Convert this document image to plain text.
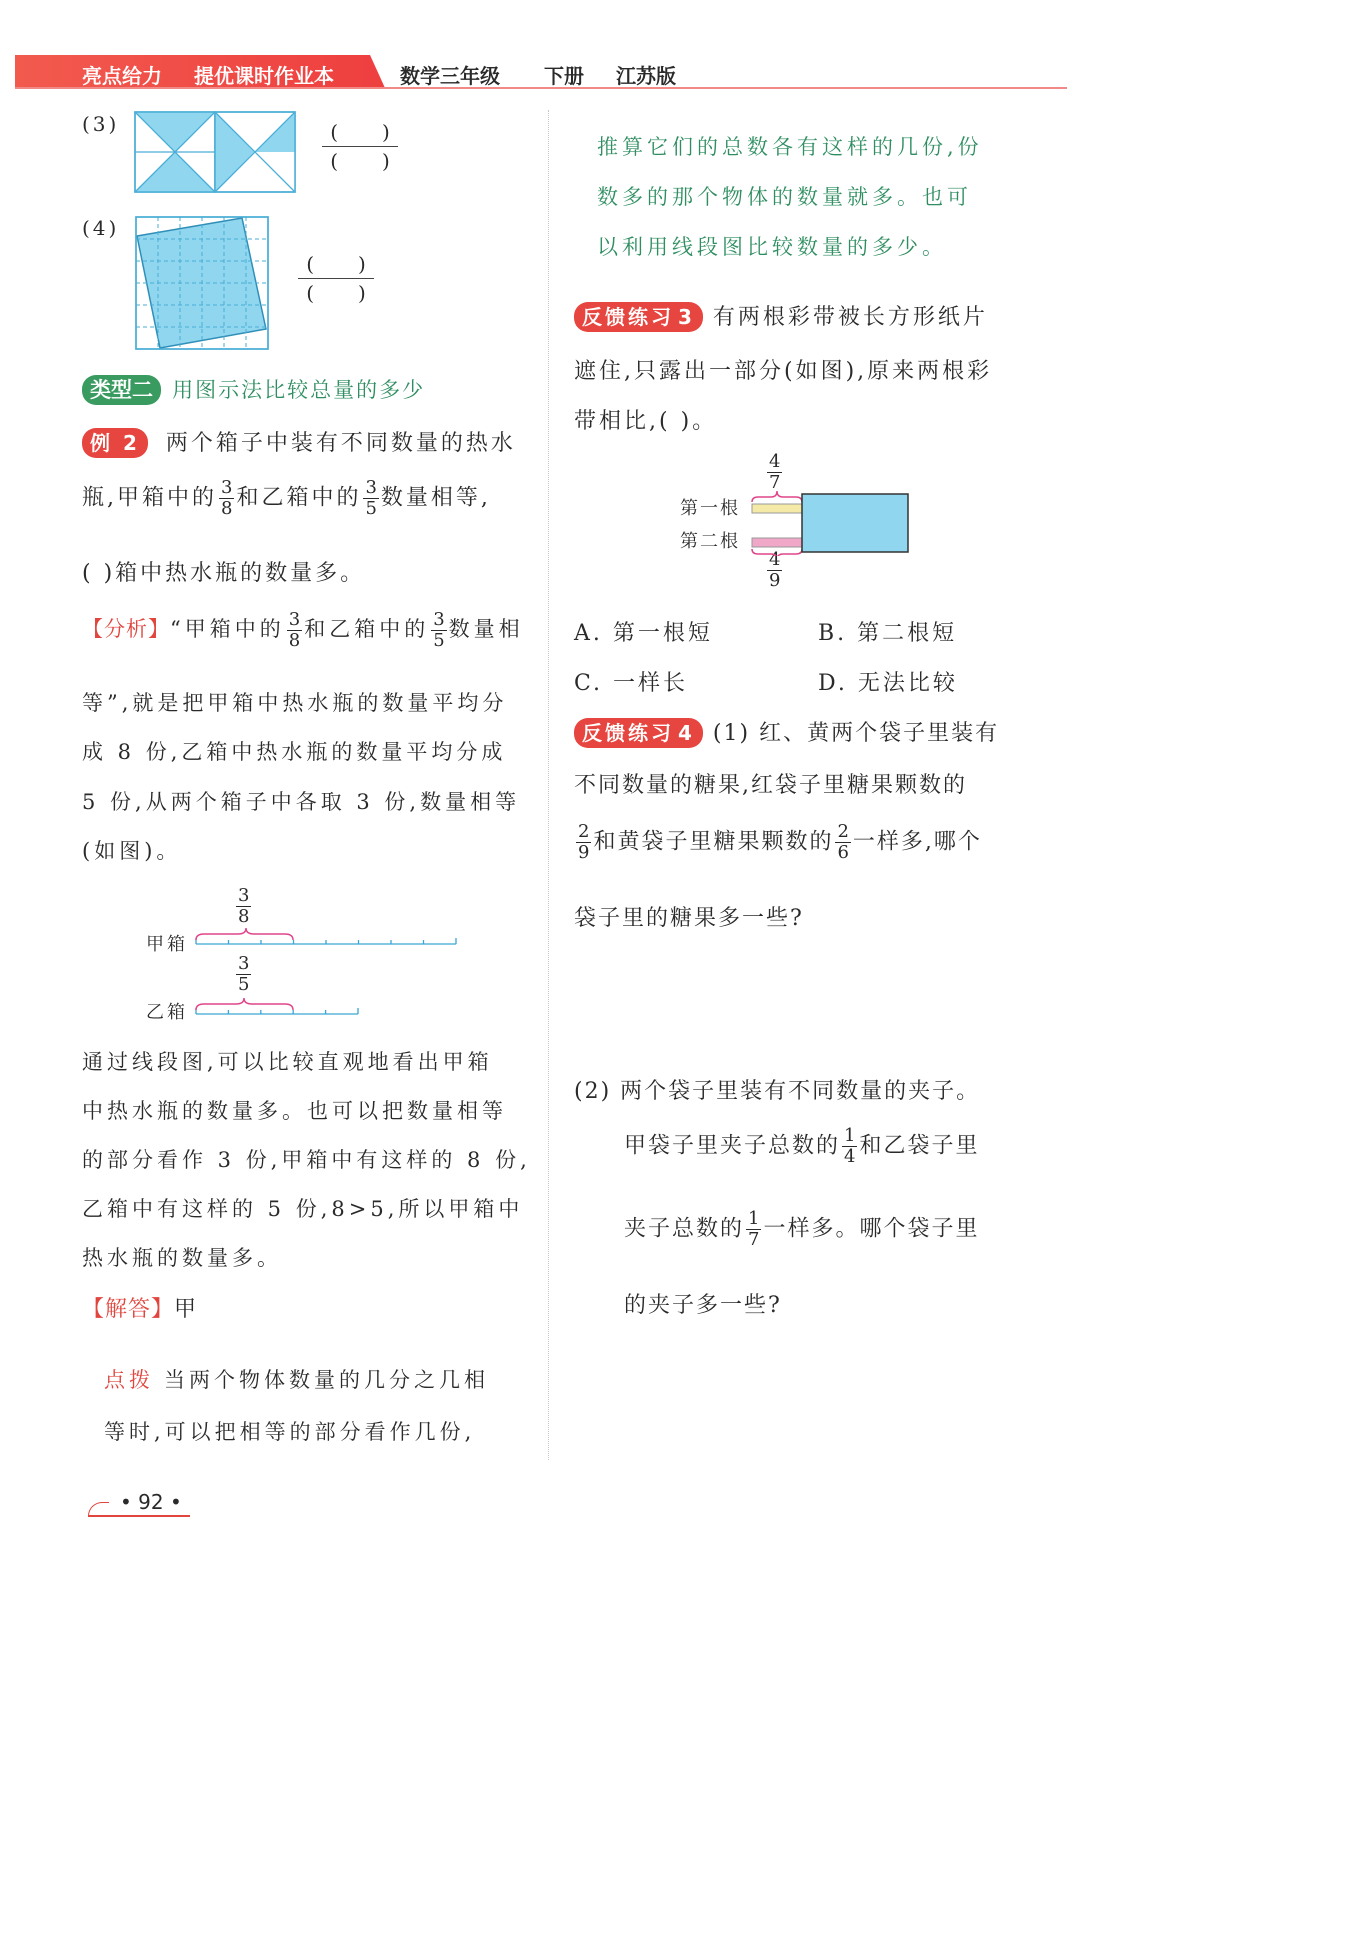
亮点给力 提优课时作业本	数学三年级 下册 江苏版
(3)	( )
( )
(4)
( )
( )
类型二 用图示法比较总量的多少
例 2 两个箱子中装有不同数量的热水
瓶,甲箱中的 $\frac{3}{8}$ 和乙箱中的 $\frac{3}{5}$ 数量相等,
( )箱中热水瓶的数量多。
【分析】“甲箱中的 $\frac{3}{8}$ 和乙箱中的 $\frac{3}{5}$ 数量相
等”,就是把甲箱中热水瓶的数量平均分
成 8 份,乙箱中热水瓶的数量平均分成
5 份,从两个箱子中各取 3 份,数量相等
(如图)。
甲箱
乙箱
$\frac{3}{8}$
$\frac{3}{5}$
通过线段图,可以比较直观地看出甲箱
中热水瓶的数量多。也可以把数量相等
的部分看作 3 份,甲箱中有这样的 8 份,
乙箱中有这样的 5 份,8>5,所以甲箱中
热水瓶的数量多。
【解答】甲
点拨 当两个物体数量的几分之几相
等时,可以把相等的部分看作几份,
• 92 •
推算它们的总数各有这样的几份,份
数多的那个物体的数量就多。也可
以利用线段图比较数量的多少。
反馈练习 3 有两根彩带被长方形纸片
遮住,只露出一部分(如图),原来两根彩
带相比,( )。
第一根
第二根
$\frac{4}{7}$
$\frac{4}{9}$
A. 第一根短	B. 第二根短
C. 一样长	D. 无法比较
反馈练习 4 (1) 红、黄两个袋子里装有
不同数量的糖果,红袋子里糖果颗数的
$\frac{2}{9}$ 和黄袋子里糖果颗数的 $\frac{2}{6}$ 一样多,哪个
袋子里的糖果多一些?
(2) 两个袋子里装有不同数量的夹子。
甲袋子里夹子总数的 $\frac{1}{4}$ 和乙袋子里
夹子总数的 $\frac{1}{7}$ 一样多。哪个袋子里
的夹子多一些?
